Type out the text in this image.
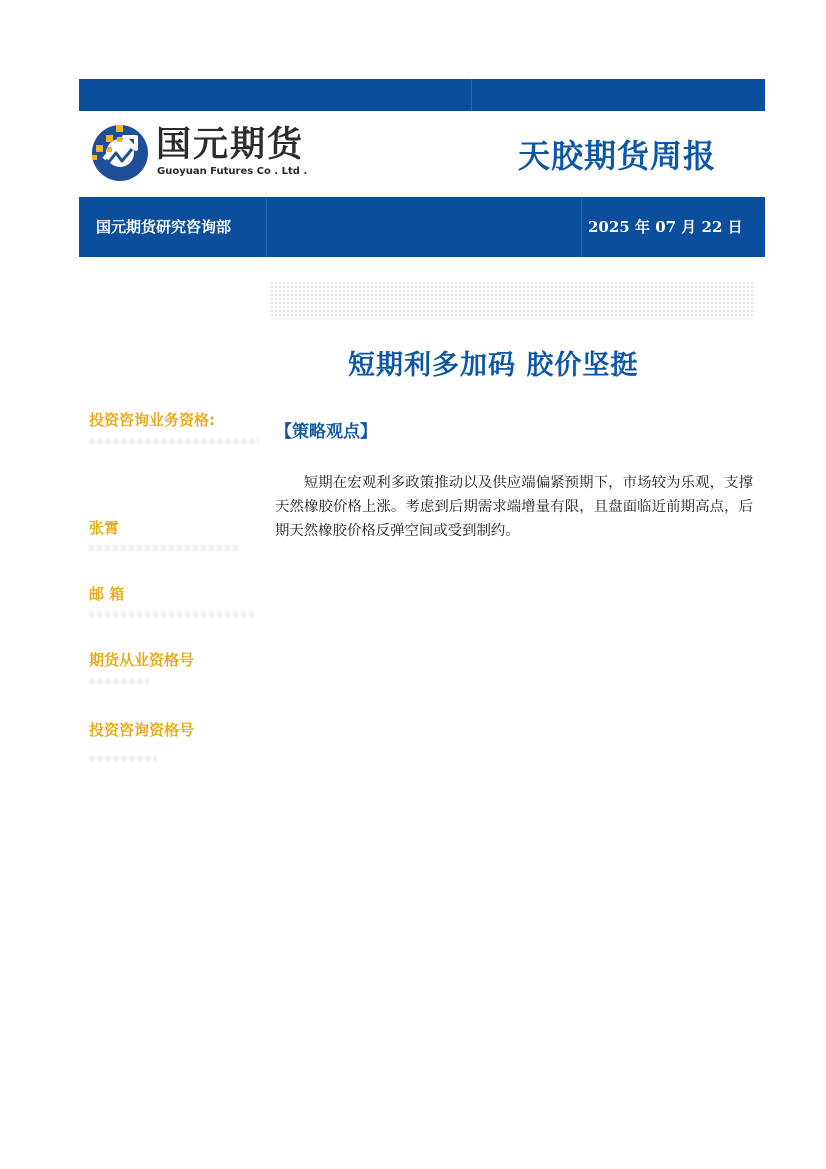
国元期货
Guoyuan Futures Co . Ltd .	天胶期货周报
国元期货研究咨询部	2025 年 07 月 22 日
短期利多加码 胶价坚挺
投资咨询业务资格:
张霄
邮 箱
期货从业资格号
投资咨询资格号
【策略观点】
短期在宏观利多政策推动以及供应端偏紧预期下，市场较为乐观，支撑天然橡胶价格上涨。考虑到后期需求端增量有限，且盘面临近前期高点，后期天然橡胶价格反弹空间或受到制约。
